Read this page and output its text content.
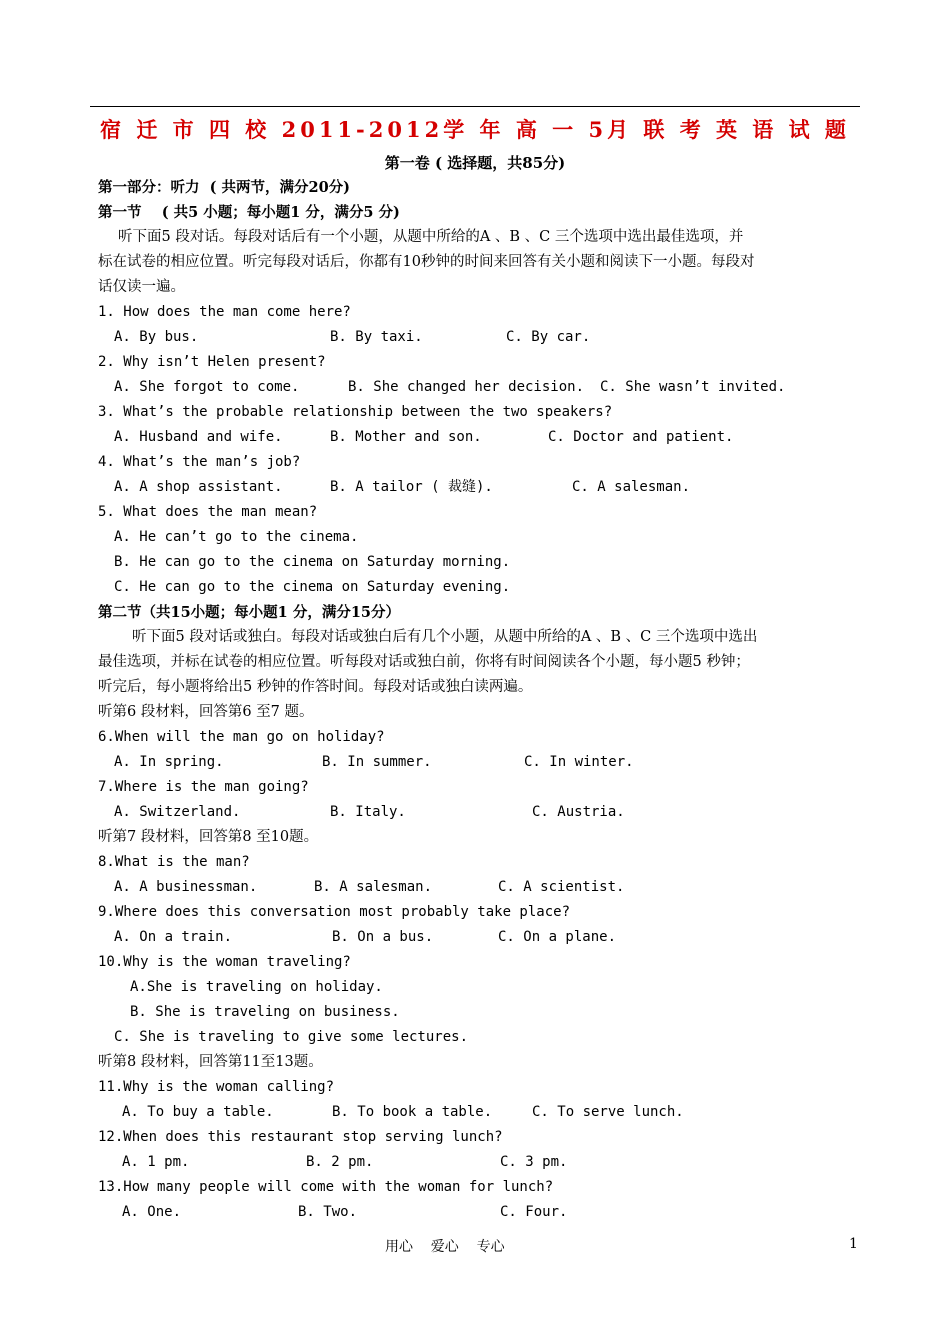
宿 迁 市 四 校 2011-2012学 年 高 一 5月 联 考 英 语 试 题
第一卷 ( 选择题，共85分)
第一部分：听力  ( 共两节，满分20分)
第一节    ( 共5 小题；每小题1 分，满分5 分)
听下面5 段对话。每段对话后有一个小题，从题中所给的A 、B 、C 三个选项中选出最佳选项，并
标在试卷的相应位置。听完每段对话后，你都有10秒钟的时间来回答有关小题和阅读下一小题。每段对
话仅读一遍。
1. How does the man come here?
A. By bus.	B. By taxi.	C. By car.
2. Why isn’t Helen present?
A. She forgot to come.	B. She changed her decision. C. She wasn’t invited.
3. What’s the probable relationship between the two speakers?
A. Husband and wife.	B. Mother and son.	C. Doctor and patient.
4. What’s the man’s job?
A. A shop assistant.	B. A tailor ( 裁缝).	C. A salesman.
5. What does the man mean?
A. He can’t go to the cinema.
B. He can go to the cinema on Saturday morning.
C. He can go to the cinema on Saturday evening.
第二节（共15小题；每小题1 分，满分15分）
听下面5 段对话或独白。每段对话或独白后有几个小题，从题中所给的A 、B 、C 三个选项中选出
最佳选项，并标在试卷的相应位置。听每段对话或独白前，你将有时间阅读各个小题，每小题5 秒钟；
听完后，每小题将给出5 秒钟的作答时间。每段对话或独白读两遍。
听第6 段材料，回答第6 至7 题。
6.When will the man go on holiday?
A. In spring.	B. In summer.	C. In winter.
7.Where is the man going?
A. Switzerland.	B. Italy.	C. Austria.
听第7 段材料，回答第8 至10题。
8.What is the man?
A. A businessman.	B. A salesman.	C. A scientist.
9.Where does this conversation most probably take place?
A. On a train.	B. On a bus.	C. On a plane.
10.Why is the woman traveling?
A.She is traveling on holiday.
B. She is traveling on business.
C. She is traveling to give some lectures.
听第8 段材料，回答第11至13题。
11.Why is the woman calling?
A. To buy a table.	B. To book a table.	C. To serve lunch.
12.When does this restaurant stop serving lunch?
A. 1 pm.	B. 2 pm.	C. 3 pm.
13.How many people will come with the woman for lunch?
A. One.	B. Two.	C. Four.
用心    爱心    专心	1
